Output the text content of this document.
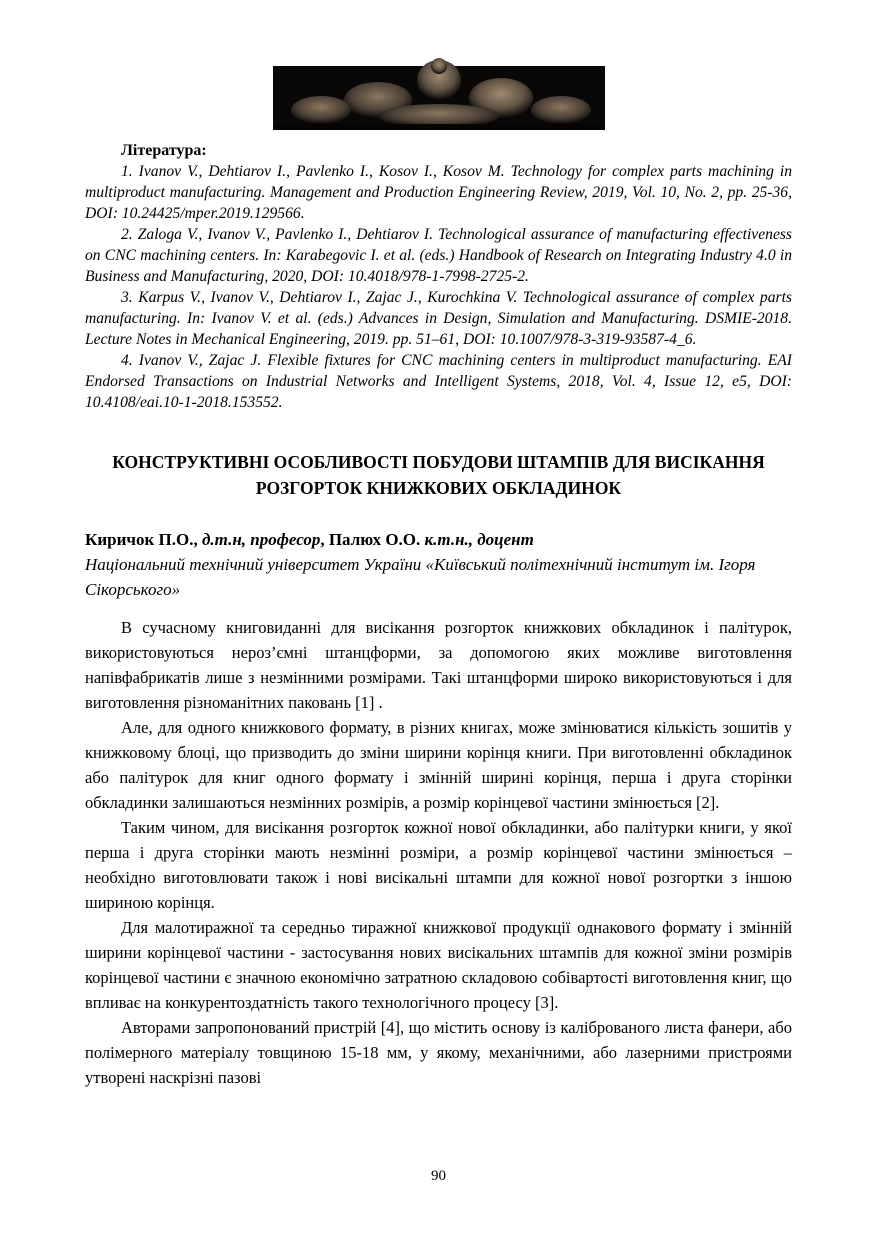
Література:

1. Ivanov V., Dehtiarov I., Pavlenko I., Kosov I., Kosov M. Technology for complex parts machining in multiproduct manufacturing. Management and Production Engineering Review, 2019, Vol. 10, No. 2, pp. 25-36, DOI: 10.24425/mper.2019.129566.

2. Zaloga V., Ivanov V., Pavlenko I., Dehtiarov I. Technological assurance of manufacturing effectiveness on CNC machining centers. In: Karabegovic I. et al. (eds.) Handbook of Research on Integrating Industry 4.0 in Business and Manufacturing, 2020, DOI: 10.4018/978-1-7998-2725-2.

3. Karpus V., Ivanov V., Dehtiarov I., Zajac J., Kurochkina V. Technological assurance of complex parts manufacturing. In: Ivanov V. et al. (eds.) Advances in Design, Simulation and Manufacturing. DSMIE-2018. Lecture Notes in Mechanical Engineering, 2019. pp. 51–61, DOI: 10.1007/978-3-319-93587-4_6.

4. Ivanov V., Zajac J. Flexible fixtures for CNC machining centers in multiproduct manufacturing. EAI Endorsed Transactions on Industrial Networks and Intelligent Systems, 2018, Vol. 4, Issue 12, e5, DOI: 10.4108/eai.10-1-2018.153552.

КОНСТРУКТИВНІ ОСОБЛИВОСТІ ПОБУДОВИ ШТАМПІВ ДЛЯ ВИСІКАННЯ РОЗГОРТОК КНИЖКОВИХ ОБКЛАДИНОК

Киричок П.О., д.т.н, професор, Палюх О.О. к.т.н., доцент

Національний технічний університет України «Київський політехнічний інститут ім. Ігоря Сікорського»

В сучасному книговиданні для висікання розгорток книжкових обкладинок і палітурок, використовуються нероз’ємні штанцформи, за допомогою яких можливе виготовлення напівфабрикатів лише з незмінними розмірами. Такі штанцформи широко використовуються і для виготовлення різноманітних паковань [1] .

Але, для одного книжкового формату, в різних книгах, може змінюватися кількість зошитів у книжковому блоці, що призводить до зміни ширини корінця книги. При виготовленні обкладинок або палітурок для книг одного формату і змінній ширині корінця, перша і друга сторінки обкладинки залишаються незмінних розмірів, а розмір корінцевої частини змінюється [2].

Таким чином, для висікання розгорток кожної нової обкладинки, або палітурки книги, у якої перша і друга сторінки мають незмінні розміри, а розмір корінцевої частини змінюється – необхідно виготовлювати також і нові висікальні штампи для кожної нової розгортки з іншою шириною корінця.

Для малотиражної та середньо тиражної книжкової продукції однакового формату і змінній ширини корінцевої частини - застосування нових висікальних штампів для кожної зміни розмірів корінцевої частини є значною економічно затратною складовою собівартості виготовлення книг, що впливає на конкурентоздатність такого технологічного процесу [3].

Авторами запропонований пристрій [4], що містить основу із каліброваного листа фанери, або полімерного матеріалу товщиною 15-18 мм, у якому, механічними, або лазерними пристроями утворені наскрізні пазові

90
